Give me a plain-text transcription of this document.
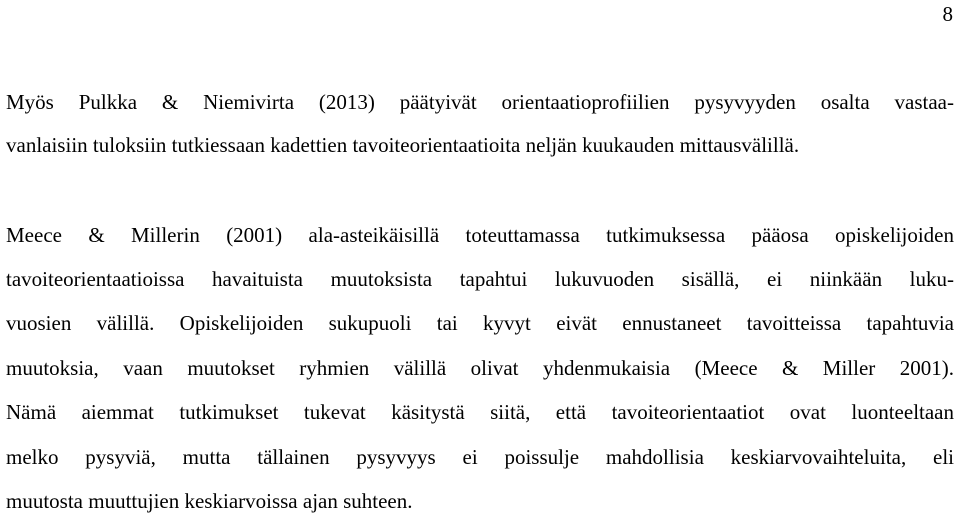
8
Myös Pulkka & Niemivirta (2013) päätyivät orientaatioprofiilien pysyvyyden osalta vastaa-
vanlaisiin tuloksiin tutkiessaan kadettien tavoiteorientaatioita neljän kuukauden mittausvälillä.
Meece & Millerin (2001) ala-asteikäisillä toteuttamassa tutkimuksessa pääosa opiskelijoiden
tavoiteorientaatioissa havaituista muutoksista tapahtui lukuvuoden sisällä, ei niinkään luku-
vuosien välillä. Opiskelijoiden sukupuoli tai kyvyt eivät ennustaneet tavoitteissa tapahtuvia
muutoksia, vaan muutokset ryhmien välillä olivat yhdenmukaisia (Meece & Miller 2001).
Nämä aiemmat tutkimukset tukevat käsitystä siitä, että tavoiteorientaatiot ovat luonteeltaan
melko pysyviä, mutta tällainen pysyvyys ei poissulje mahdollisia keskiarvovaihteluita, eli
muutosta muuttujien keskiarvoissa ajan suhteen.
